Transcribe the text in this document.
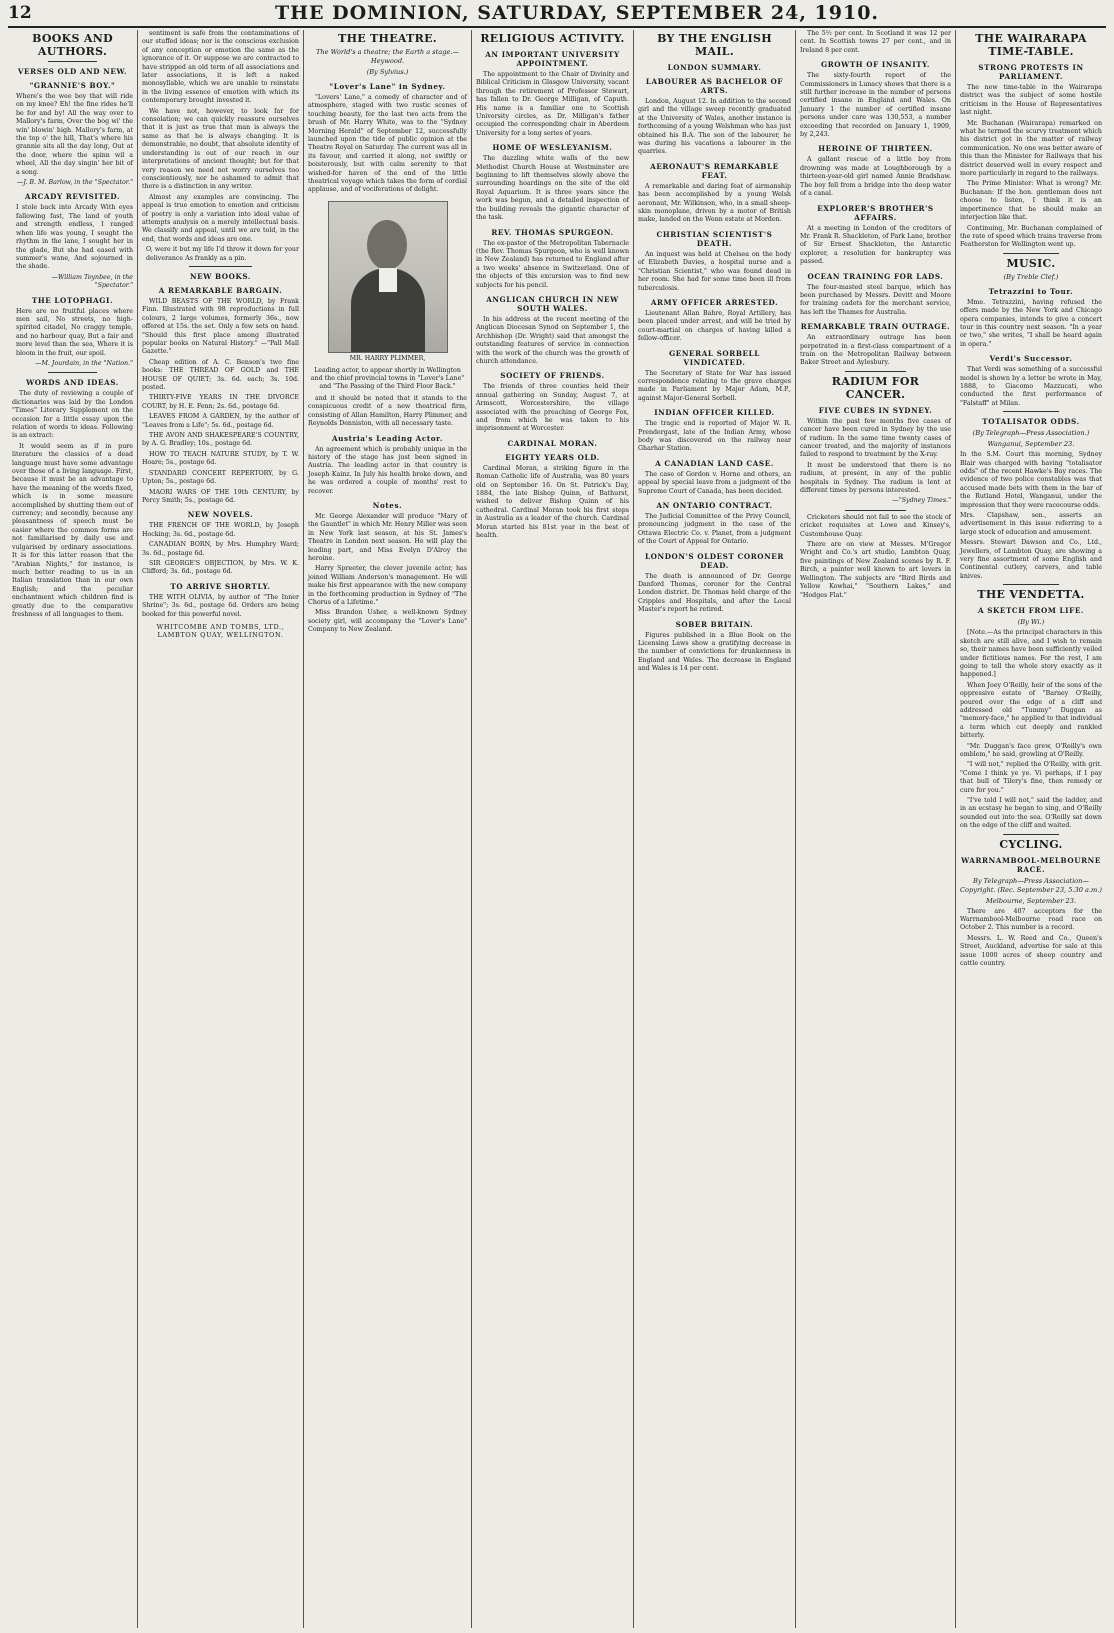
12	THE DOMINION, SATURDAY, SEPTEMBER 24, 1910.
BOOKS AND AUTHORS.
VERSES OLD AND NEW.
"GRANNIE'S BOY."

Where's the wee boy that will ride on my knee? Eh! the fine rides he'll be for and by! All the way over to Mallory's farm, Over the bog wi' the win' blowin' high. Mallory's farm, at the top o' the hill, That's where his grannie sits all the day long, Out at the door, where the spinn wil a wheel, All the day singin' her bit of a song.

—J. B. M. Barlow, in the "Spectator."
ARCADY REVISITED.

I stole back into Arcady With eyes fallowing fast, The land of youth and strength endless, I ranged when life was young, I sought the rhythm in the lane, I sought her in the glade, But she had eased with summer's wane, And sojourned in the shade.

—William Toynbee, in the "Spectator."
THE LOTOPHAGI.

Here are no fruitful places where men sail, No streets, no high-spirited citadel, No craggy temple, and no harbour quay, But a fair and more level than the sea, Where it is bloom in the fruit, our spoil.

—M. Jourdain, in the "Nation."
WORDS AND IDEAS.

The duty of reviewing a couple of dictionaries was laid by the London "Times" Literary Supplement on the occasion for a little essay upon the relation of words to ideas. Following is an extract:

It would seem as if in pure literature the classics of a dead language must have some advantage over those of a living language. First, because it must be an advantage to have the meaning of the words fixed, which is in some measure accomplished by shutting them out of currency; and secondly, because any pleasantness of speech must be easier where the common forms are not familiarised by daily use and vulgarised by ordinary associations. It is for this latter reason that the "Arabian Nights," for instance, is much better reading to us in an Italian translation than in our own English; and the peculiar enchantment which children find is greatly due to the comparative freshness of all languages to them.

sentiment is safe from the contaminations of our stuffed ideas; nor is the conscious exclusion of any conception or emotion the same as the ignorance of it. Or suppose we are contracted to have stripped an old term of all associations and later associations, it is left a naked monosyllable, which we are unable to reinstate in the living essence of emotion with which its contemporary brought invested it.

We have not, however, to look far for consolation; we can quickly reassure ourselves that it is just as true that man is always the same as that he is always changing. It is demonstrable, no doubt, that absolute identity of understanding is out of our reach in our interpretations of ancient thought; but for that very reason we need not worry ourselves too conscientiously, nor be ashamed to admit that there is a distinction in any writer.

Almost any examples are convincing. The appeal is true emotion to emotion and criticism of poetry is only a variation into ideal value of attempts analysis on a merely intellectual basis. We classify and appeal, until we are told, in the end, that words and ideas are one.

O, were it but my life I'd throw it down for your deliverance As frankly as a pin.

NEW BOOKS.
A REMARKABLE BARGAIN.

WILD BEASTS OF THE WORLD, by Frank Finn. Illustrated with 98 reproductions in full colours, 2 large volumes, formerly 36s., now offered at 15s. the set. Only a few sets on hand. "Should this first place among illustrated popular books on Natural History." —"Pall Mall Gazette."

Cheap edition of A. C. Benson's two fine books: THE THREAD OF GOLD and THE HOUSE OF QUIET; 3s. 6d. each; 3s. 10d. posted.

THIRTY-FIVE YEARS IN THE DIVORCE COURT, by H. E. Fenn; 2s. 6d., postage 6d.

LEAVES FROM A GARDEN, by the author of "Leaves from a Life"; 5s. 6d., postage 6d.

THE AVON AND SHAKESPEARE'S COUNTRY, by A. G. Bradley; 10s., postage 6d.

HOW TO TEACH NATURE STUDY, by T. W. Hoare; 5s., postage 6d.

STANDARD CONCERT REPERTORY, by G. Upton; 5s., postage 6d.

MAORI WARS OF THE 19th CENTURY, by Percy Smith; 5s., postage 6d.

NEW NOVELS.

THE FRENCH OF THE WORLD, by Joseph Hocking; 3s. 6d., postage 6d.

CANADIAN BORN, by Mrs. Humphry Ward; 3s. 6d., postage 6d.

SIR GEORGE'S OBJECTION, by Mrs. W. K. Clifford; 3s. 6d., postage 6d.

TO ARRIVE SHORTLY.

THE WITH OLIVIA, by author of "The Inner Shrine"; 3s. 6d., postage 6d. Orders are being booked for this powerful novel.

WHITCOMBE AND TOMBS, LTD., LAMBTON QUAY, WELLINGTON.
THE THEATRE.
The World's a theatre; the Earth a stage.—Heywood.
(By Sylvius.)
"Lover's Lane" in Sydney.

"Lovers' Lane," a comedy of character and of atmosphere, staged with two rustic scenes of touching beauty, for the last two acts from the brush of Mr. Harry White, was to the "Sydney Morning Herald" of September 12, successfully launched upon the tide of public opinion at the Theatre Royal on Saturday. The current was all in its favour, and carried it along, not swiftly or boisterously, but with calm serenity to that wished-for haven of the end of the little theatrical voyage which takes the form of cordial applause, and of vociferations of delight.

MR. HARRY PLIMMER,
Leading actor, to appear shortly in Wellington and the chief provincial towns in "Lover's Lane" and "The Passing of the Third Floor Back."

and it should be noted that it stands to the conspicuous credit of a new theatrical firm, consisting of Allan Hamilton, Harry Plimmer, and Reynolds Denniston, with all necessary taste.

Austria's Leading Actor.

An agreement which is probably unique in the history of the stage has just been signed in Austria. The leading actor in that country is Joseph Kainz. In July his health broke down, and he was ordered a couple of months' rest to recover.

Notes.

Mr. George Alexander will produce "Mary of the Gauntlet" in which Mr. Henry Miller was seen in New York last season, at his St. James's Theatre in London next season. He will play the leading part, and Miss Evelyn D'Alroy the heroine.

Harry Spreeter, the clever juvenile actor, has joined William Anderson's management. He will make his first appearance with the new company in the forthcoming production in Sydney of "The Chorus of a Lifetime."

Miss Brandon Usher, a well-known Sydney society girl, will accompany the "Lover's Lane" Company to New Zealand.

RELIGIOUS ACTIVITY.
AN IMPORTANT UNIVERSITY APPOINTMENT.

The appointment to the Chair of Divinity and Biblical Criticism in Glasgow University, vacant through the retirement of Professor Stewart, has fallen to Dr. George Milligan, of Caputh. His name is a familiar one to Scottish University circles, as Dr. Milligan's father occupied the corresponding chair in Aberdeen University for a long series of years.

HOME OF WESLEYANISM.

The dazzling white walls of the new Methodist Church House at Westminster are beginning to lift themselves slowly above the surrounding hoardings on the site of the old Royal Aquarium. It is three years since the work was begun, and a detailed inspection of the building reveals the gigantic character of the task.

REV. THOMAS SPURGEON.

The ex-pastor of the Metropolitan Tabernacle (the Rev. Thomas Spurgeon, who is well known in New Zealand) has returned to England after a two weeks' absence in Switzerland. One of the objects of this excursion was to find new subjects for his pencil.

ANGLICAN CHURCH IN NEW SOUTH WALES.

In his address at the recent meeting of the Anglican Diocesan Synod on September 1, the Archbishop (Dr. Wright) said that amongst the outstanding features of service in connection with the work of the church was the growth of church attendance.

SOCIETY OF FRIENDS.

The friends of three counties held their annual gathering on Sunday, August 7, at Armscott, Worcestershire, the village associated with the preaching of George Fox, and from which he was taken to his imprisonment at Worcester.

CARDINAL MORAN.
EIGHTY YEARS OLD.

Cardinal Moran, a striking figure in the Roman Catholic life of Australia, was 80 years old on September 16. On St. Patrick's Day, 1884, the late Bishop Quinn, of Bathurst, wished to deliver Bishop Quinn of his cathedral. Cardinal Moran took his first steps in Australia as a leader of the church. Cardinal Moran started his 81st year in the best of health.

BY THE ENGLISH MAIL.
LONDON SUMMARY.
LABOURER AS BACHELOR OF ARTS.

London, August 12. In addition to the second girl and the village sweep recently graduated at the University of Wales, another instance is forthcoming of a young Welshman who has just obtained his B.A. The son of the labourer, he was during his vacations a labourer in the quarries.

AERONAUT'S REMARKABLE FEAT.

A remarkable and daring feat of airmanship has been accomplished by a young Welsh aeronaut, Mr. Wilkinson, who, in a small sheep-skin monoplane, driven by a motor of British make, landed on the Wenn estate at Morden.

CHRISTIAN SCIENTIST'S DEATH.

An inquest was held at Chelsea on the body of Elizabeth Davies, a hospital nurse and a "Christian Scientist," who was found dead in her room. She had for some time been ill from tuberculosis.

ARMY OFFICER ARRESTED.

Lieutenant Allan Bahre, Royal Artillery, has been placed under arrest, and will be tried by court-martial on charges of having killed a fellow-officer.

GENERAL SORBELL VINDICATED.

The Secretary of State for War has issued correspondence relating to the grave charges made in Parliament by Major Adam, M.P., against Major-General Sorbell.

INDIAN OFFICER KILLED.

The tragic end is reported of Major W. R. Prendergast, late of the Indian Army, whose body was discovered on the railway near Gharhar Station.

A CANADIAN LAND CASE.

The case of Gordon v. Horne and others, an appeal by special leave from a judgment of the Supreme Court of Canada, has been decided.

AN ONTARIO CONTRACT.

The Judicial Committee of the Privy Council, pronouncing judgment in the case of the Ottawa Electric Co. v. Planet, from a judgment of the Court of Appeal for Ontario.

LONDON'S OLDEST CORONER DEAD.

The death is announced of Dr. George Danford Thomas, coroner for the Central London district. Dr. Thomas held charge of the Cripples and Hospitals, and after the Local Master's report he retired.

SOBER BRITAIN.

Figures published in a Blue Book on the Licensing Laws show a gratifying decrease in the number of convictions for drunkenness in England and Wales. The decrease in England and Wales is 14 per cent.

The 5½ per cent. In Scotland it was 12 per cent. In Scottish towns 27 per cent., and in Ireland 8 per cent.

GROWTH OF INSANITY.

The sixty-fourth report of the Commissioners in Lunacy shows that there is a still further increase in the number of persons certified insane in England and Wales. On January 1 the number of certified insane persons under care was 130,553, a number exceeding that recorded on January 1, 1909, by 2,243.

HEROINE OF THIRTEEN.

A gallant rescue of a little boy from drowning was made at Loughborough by a thirteen-year-old girl named Annie Bradshaw. The boy fell from a bridge into the deep water of a canal.

EXPLORER'S BROTHER'S AFFAIRS.

At a meeting in London of the creditors of Mr. Frank R. Shackleton, of Park Lane, brother of Sir Ernest Shackleton, the Antarctic explorer, a resolution for bankruptcy was passed.

OCEAN TRAINING FOR LADS.

The four-masted steel barque, which has been purchased by Messrs. Devitt and Moore for training cadets for the merchant service, has left the Thames for Australia.

REMARKABLE TRAIN OUTRAGE.

An extraordinary outrage has been perpetrated in a first-class compartment of a train on the Metropolitan Railway between Baker Street and Aylesbury.

RADIUM FOR CANCER.
FIVE CUBES IN SYDNEY.

Within the past few months five cases of cancer have been cured in Sydney by the use of radium. In the same time twenty cases of cancer treated, and the majority of instances failed to respond to treatment by the X-ray.

It must be understood that there is no radium, at present, in any of the public hospitals in Sydney. The radium is lent at different times by persons interested.

—"Sydney Times."

Cricketers should not fail to see the stock of cricket requisites at Lowe and Kinsey's, Customhouse Quay.

There are on view at Messrs. M'Gregor Wright and Co.'s art studio, Lambton Quay, five paintings of New Zealand scenes by R. F. Birch, a painter well known to art lovers in Wellington. The subjects are "Bird Birds and Yellow Kowhai," "Southern Lakes," and "Hodges Flat."

THE WAIRARAPA TIME-TABLE.
STRONG PROTESTS IN PARLIAMENT.

The new time-table in the Wairarapa district was the subject of some hostile criticism in the House of Representatives last night.

Mr. Buchanan (Wairarapa) remarked on what he termed the scurvy treatment which his district got in the matter of railway communication. No one was better aware of this than the Minister for Railways that his district deserved well in every respect and more particularly in regard to the railways.

The Prime Minister: What is wrong? Mr. Buchanan: If the hon. gentleman does not choose to listen, I think it is an impertinence that he should make an interjection like that.

Continuing, Mr. Buchanan complained of the rate of speed which trains traverse from Featherston for Wellington went up.

MUSIC.
(By Treble Clef.)
Tetrazzini to Tour.

Mme. Tetrazzini, having refused the offers made by the New York and Chicago opera companies, intends to give a concert tour in this country next season. "In a year or two," she writes, "I shall be heard again in opera."

Verdi's Successor.

That Verdi was something of a successful model is shown by a letter he wrote in May, 1888, to Giacomo Mazzucati, who conducted the first performance of "Falstaff" at Milan.

TOTALISATOR ODDS.
(By Telegraph—Press Association.)
Wanganui, September 23.

In the S.M. Court this morning, Sydney Blair was charged with having "totalisator odds" of the recent Hawke's Bay races. The evidence of two police constables was that accused made bets with them in the bar of the Rutland Hotel, Wanganui, under the impression that they were racecourse odds.

Mrs. Clapshaw, sen., asserts an advertisement in this issue referring to a large stock of education and amusement.

Messrs. Stewart Dawson and Co., Ltd., Jewellers, of Lambton Quay, are showing a very fine assortment of some English and Continental cutlery, carvers, and table knives.

THE VENDETTA.
A SKETCH FROM LIFE.
(By Wi.)

[Note.—As the principal characters in this sketch are still alive, and I wish to remain so, their names have been sufficiently veiled under fictitious names. For the rest, I am going to tell the whole story exactly as it happened.]

When Joey O'Reilly, heir of the sons of the oppressive estate of "Barney O'Reilly, poured over the edge of a cliff and addressed old "Tummy" Duggan as "memory-face," he applied to that individual a term which cut deeply and rankled bitterly.

"Mr. Duggan's face grew, O'Reilly's own emblem," he said, growling at O'Reilly.

"I will not," replied the O'Reilly, with grit. "Come I think ye ye. Vi perhaps, if I pay that bull of Tilery's fine, then remedy or cure for you."

"I've told I will not," said the ladder, and in an ecstasy he began to sing, and O'Reilly sounded out into the sea. O'Reilly sat down on the edge of the cliff and waited.

CYCLING.
WARRNAMBOOL-MELBOURNE RACE.
By Telegraph—Press Association—Copyright. (Rec. September 23, 5.30 a.m.)
Melbourne, September 23.

There are 407 acceptors for the Warrnambool-Melbourne road race on October 2. This number is a record.

Messrs. L. W. Reed and Co., Queen's Street, Auckland, advertise for sale at this issue 1000 acres of sheep country and cattle country.
